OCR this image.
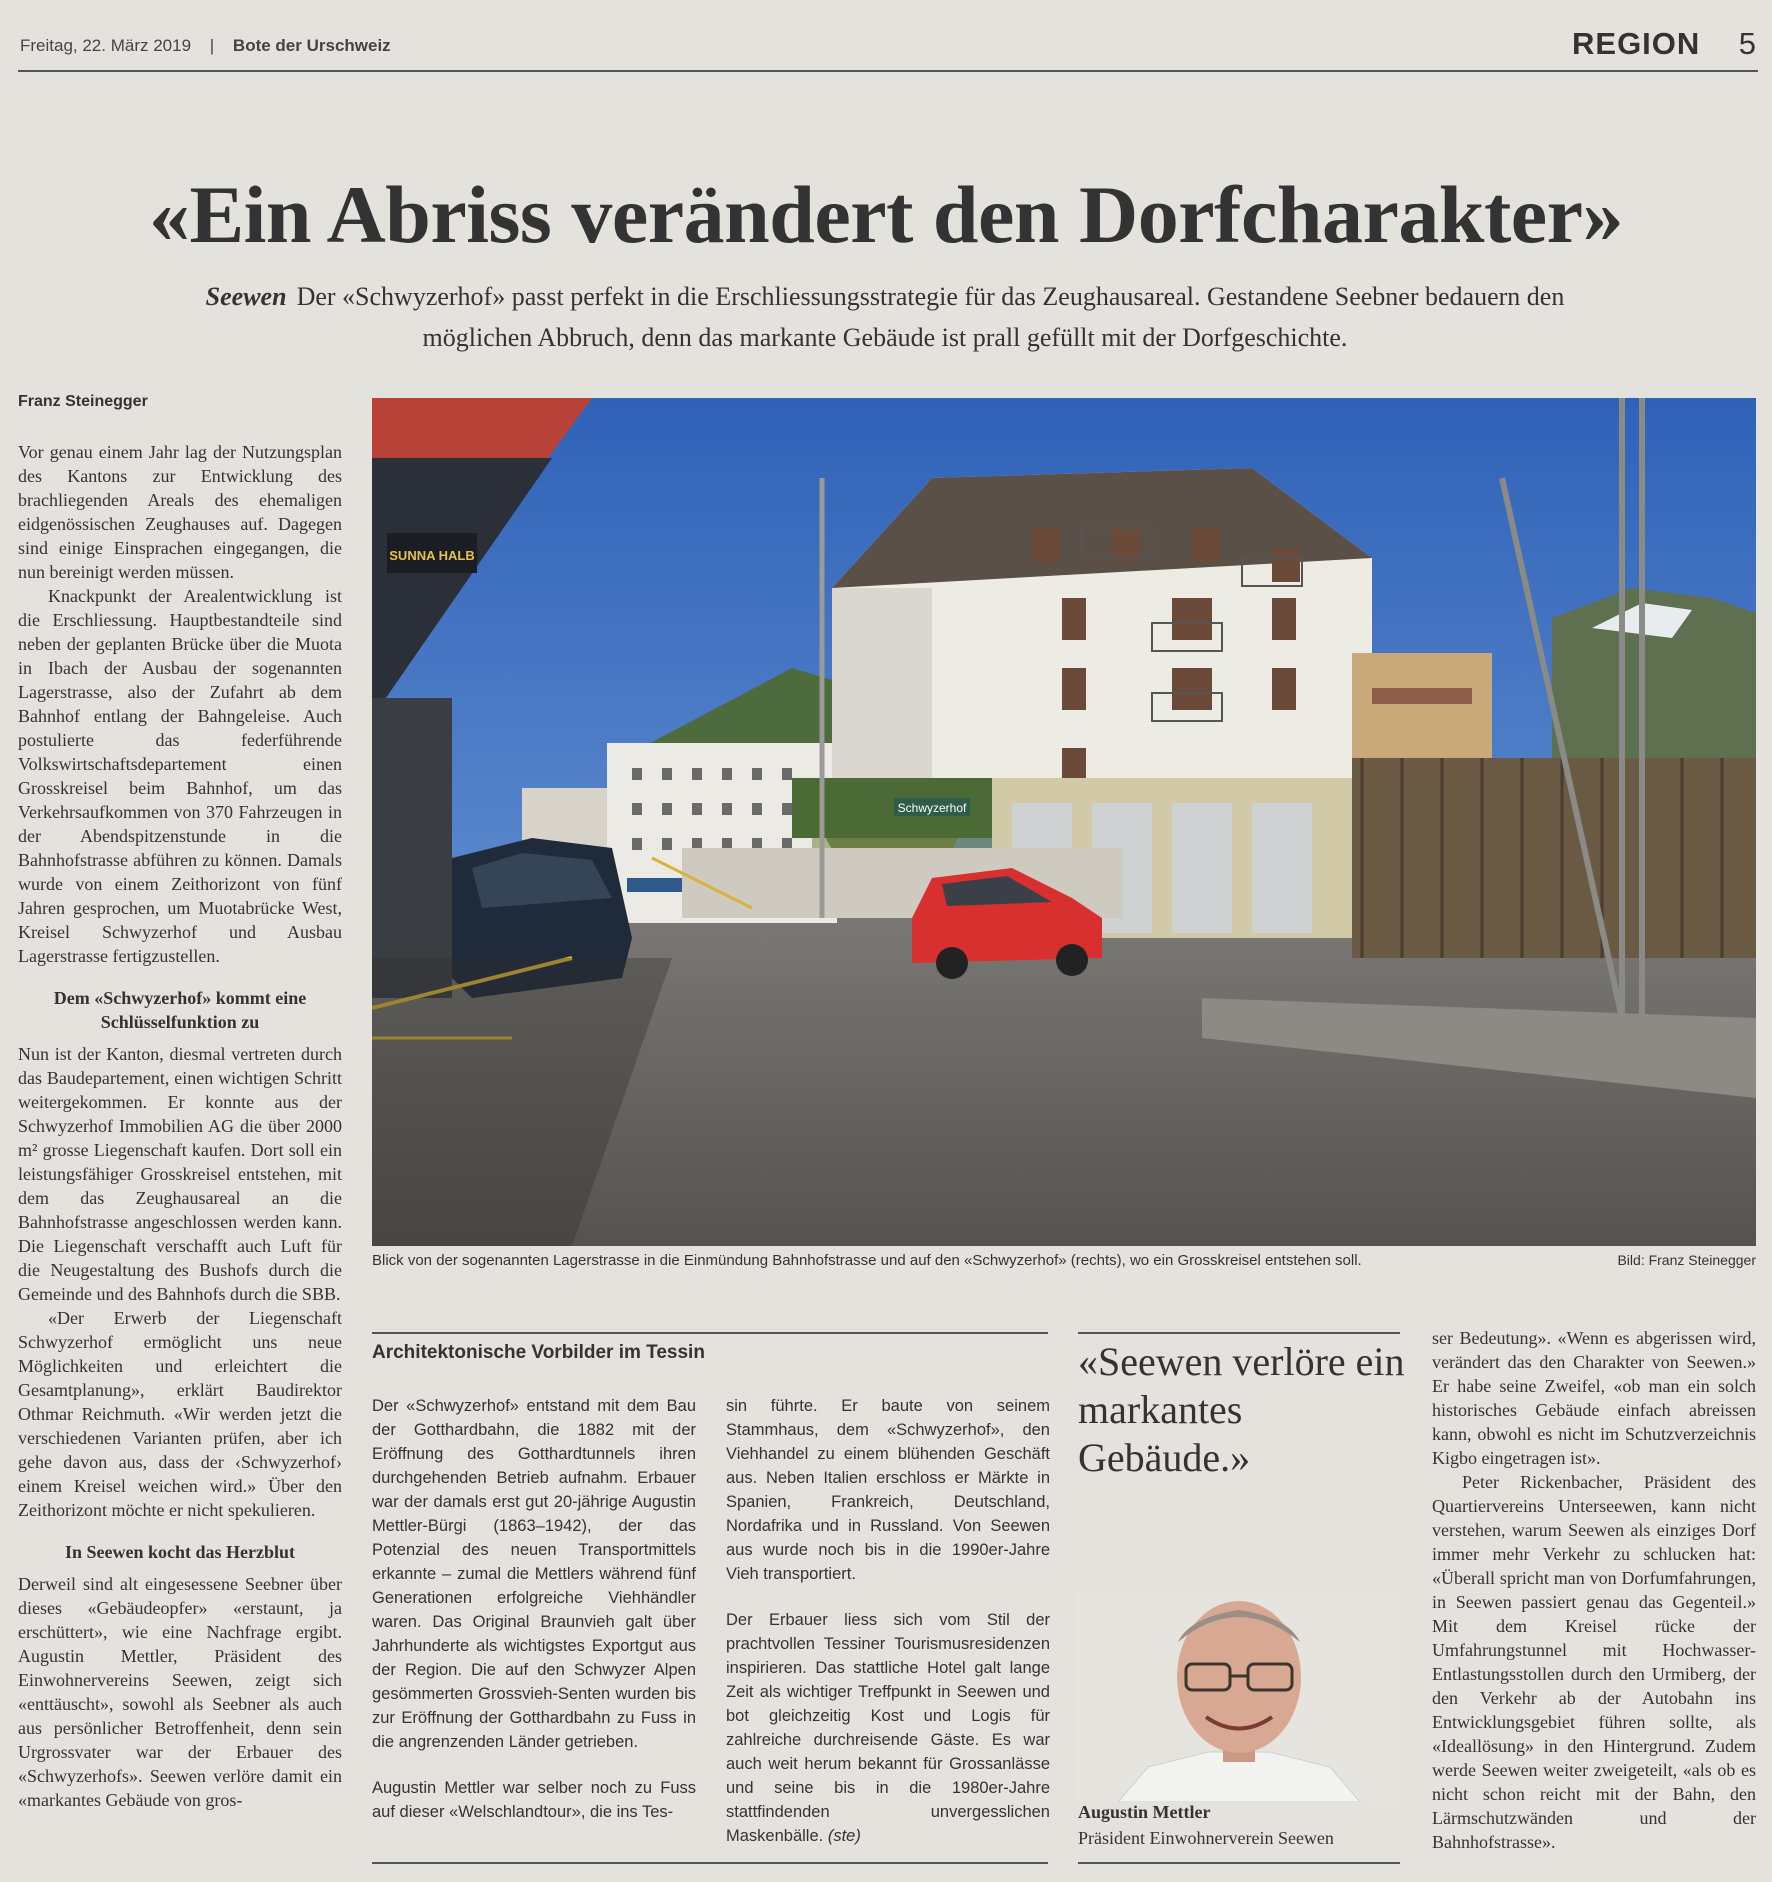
Freitag, 22. März 2019 | Bote der Urschweiz	REGION 5
«Ein Abriss verändert den Dorfcharakter»
Seewen Der «Schwyzerhof» passt perfekt in die Erschliessungsstrategie für das Zeughausareal. Gestandene Seebner bedauern den möglichen Abbruch, denn das markante Gebäude ist prall gefüllt mit der Dorfgeschichte.
Franz Steinegger

Vor genau einem Jahr lag der Nutzungsplan des Kantons zur Entwicklung des brachliegenden Areals des ehemaligen eidgenössischen Zeughauses auf. Dagegen sind einige Einsprachen eingegangen, die nun bereinigt werden müssen.

Knackpunkt der Arealentwicklung ist die Erschliessung. Hauptbestandteile sind neben der geplanten Brücke über die Muota in Ibach der Ausbau der sogenannten Lagerstrasse, also der Zufahrt ab dem Bahnhof entlang der Bahngeleise. Auch postulierte das federführende Volkswirtschaftsdepartement einen Grosskreisel beim Bahnhof, um das Verkehrsaufkommen von 370 Fahrzeugen in der Abendspitzenstunde in die Bahnhofstrasse abführen zu können. Damals wurde von einem Zeithorizont von fünf Jahren gesprochen, um Muotabrücke West, Kreisel Schwyzerhof und Ausbau Lagerstrasse fertigzustellen.

Dem «Schwyzerhof» kommt eine Schlüsselfunktion zu

Nun ist der Kanton, diesmal vertreten durch das Baudepartement, einen wichtigen Schritt weitergekommen. Er konnte aus der Schwyzerhof Immobilien AG die über 2000 m² grosse Liegenschaft kaufen. Dort soll ein leistungsfähiger Grosskreisel entstehen, mit dem das Zeughausareal an die Bahnhofstrasse angeschlossen werden kann. Die Liegenschaft verschafft auch Luft für die Neugestaltung des Bushofs durch die Gemeinde und des Bahnhofs durch die SBB.

«Der Erwerb der Liegenschaft Schwyzerhof ermöglicht uns neue Möglichkeiten und erleichtert die Gesamtplanung», erklärt Baudirektor Othmar Reichmuth. «Wir werden jetzt die verschiedenen Varianten prüfen, aber ich gehe davon aus, dass der ‹Schwyzerhof› einem Kreisel weichen wird.» Über den Zeithorizont möchte er nicht spekulieren.

In Seewen kocht das Herzblut

Derweil sind alt eingesessene Seebner über dieses «Gebäudeopfer» «erstaunt, ja erschüttert», wie eine Nachfrage ergibt. Augustin Mettler, Präsident des Einwohnervereins Seewen, zeigt sich «enttäuscht», sowohl als Seebner als auch aus persönlicher Betroffenheit, denn sein Urgrossvater war der Erbauer des «Schwyzerhofs». Seewen verlöre damit ein «markantes Gebäude von gros-

Schwyzerhof
SUNNA HALB
Blick von der sogenannten Lagerstrasse in die Einmündung Bahnhofstrasse und auf den «Schwyzerhof» (rechts), wo ein Grosskreisel entstehen soll.	Bild: Franz Steinegger
Architektonische Vorbilder im Tessin

Der «Schwyzerhof» entstand mit dem Bau der Gotthardbahn, die 1882 mit der Eröffnung des Gotthardtunnels ihren durchgehenden Betrieb aufnahm. Erbauer war der damals erst gut 20-jährige Augustin Mettler-Bürgi (1863–1942), der das Potenzial des neuen Transportmittels erkannte – zumal die Mettlers während fünf Generationen erfolgreiche Viehhändler waren. Das Original Braunvieh galt über Jahrhunderte als wichtigstes Exportgut aus der Region. Die auf den Schwyzer Alpen gesömmerten Grossvieh-Senten wurden bis zur Eröffnung der Gotthardbahn zu Fuss in die angrenzenden Länder getrieben.

Augustin Mettler war selber noch zu Fuss auf dieser «Welschlandtour», die ins Tes-

sin führte. Er baute von seinem Stammhaus, dem «Schwyzerhof», den Viehhandel zu einem blühenden Geschäft aus. Neben Italien erschloss er Märkte in Spanien, Frankreich, Deutschland, Nordafrika und in Russland. Von Seewen aus wurde noch bis in die 1990er-Jahre Vieh transportiert.

Der Erbauer liess sich vom Stil der prachtvollen Tessiner Tourismusresidenzen inspirieren. Das stattliche Hotel galt lange Zeit als wichtiger Treffpunkt in Seewen und bot gleichzeitig Kost und Logis für zahlreiche durchreisende Gäste. Es war auch weit herum bekannt für Grossanlässe und seine bis in die 1980er-Jahre stattfindenden unvergesslichen Maskenbälle. (ste)

«Seewen verlöre ein markantes Gebäude.»
Augustin Mettler
Präsident Einwohnerverein Seewen

ser Bedeutung». «Wenn es abgerissen wird, verändert das den Charakter von Seewen.» Er habe seine Zweifel, «ob man ein solch historisches Gebäude einfach abreissen kann, obwohl es nicht im Schutzverzeichnis Kigbo eingetragen ist».

Peter Rickenbacher, Präsident des Quartiervereins Unterseewen, kann nicht verstehen, warum Seewen als einziges Dorf immer mehr Verkehr zu schlucken hat: «Überall spricht man von Dorfumfahrungen, in Seewen passiert genau das Gegenteil.» Mit dem Kreisel rücke der Umfahrungstunnel mit Hochwasser-Entlastungsstollen durch den Urmiberg, der den Verkehr ab der Autobahn ins Entwicklungsgebiet führen sollte, als «Ideallösung» in den Hintergrund. Zudem werde Seewen weiter zweigeteilt, «als ob es nicht schon reicht mit der Bahn, den Lärmschutzwänden und der Bahnhofstrasse».
